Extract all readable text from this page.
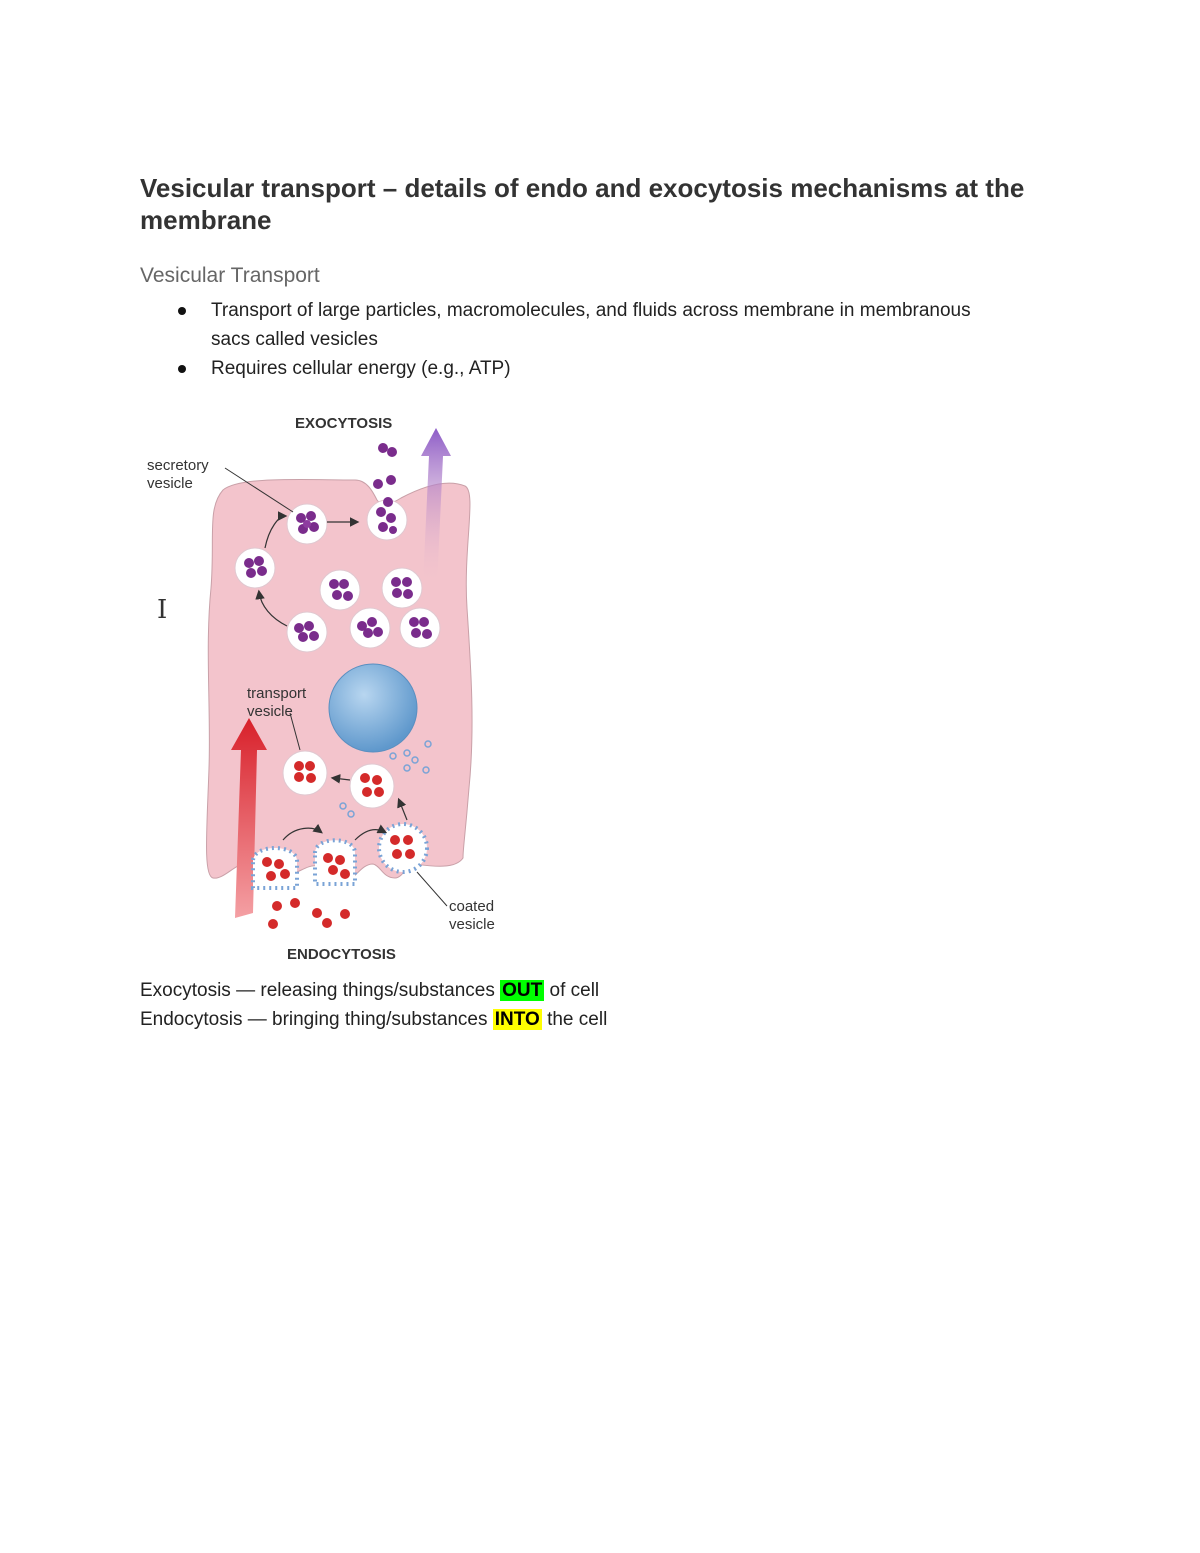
Vesicular transport – details of endo and exocytosis mechanisms at the membrane
Vesicular Transport
Transport of large particles, macromolecules, and fluids across membrane in membranous sacs called vesicles
Requires cellular energy (e.g., ATP)
I
EXOCYTOSIS
secretory
vesicle
transport
vesicle
coated
vesicle
ENDOCYTOSIS
Exocytosis — releasing things/substances OUT of cell
Endocytosis — bringing thing/substances INTO the cell
